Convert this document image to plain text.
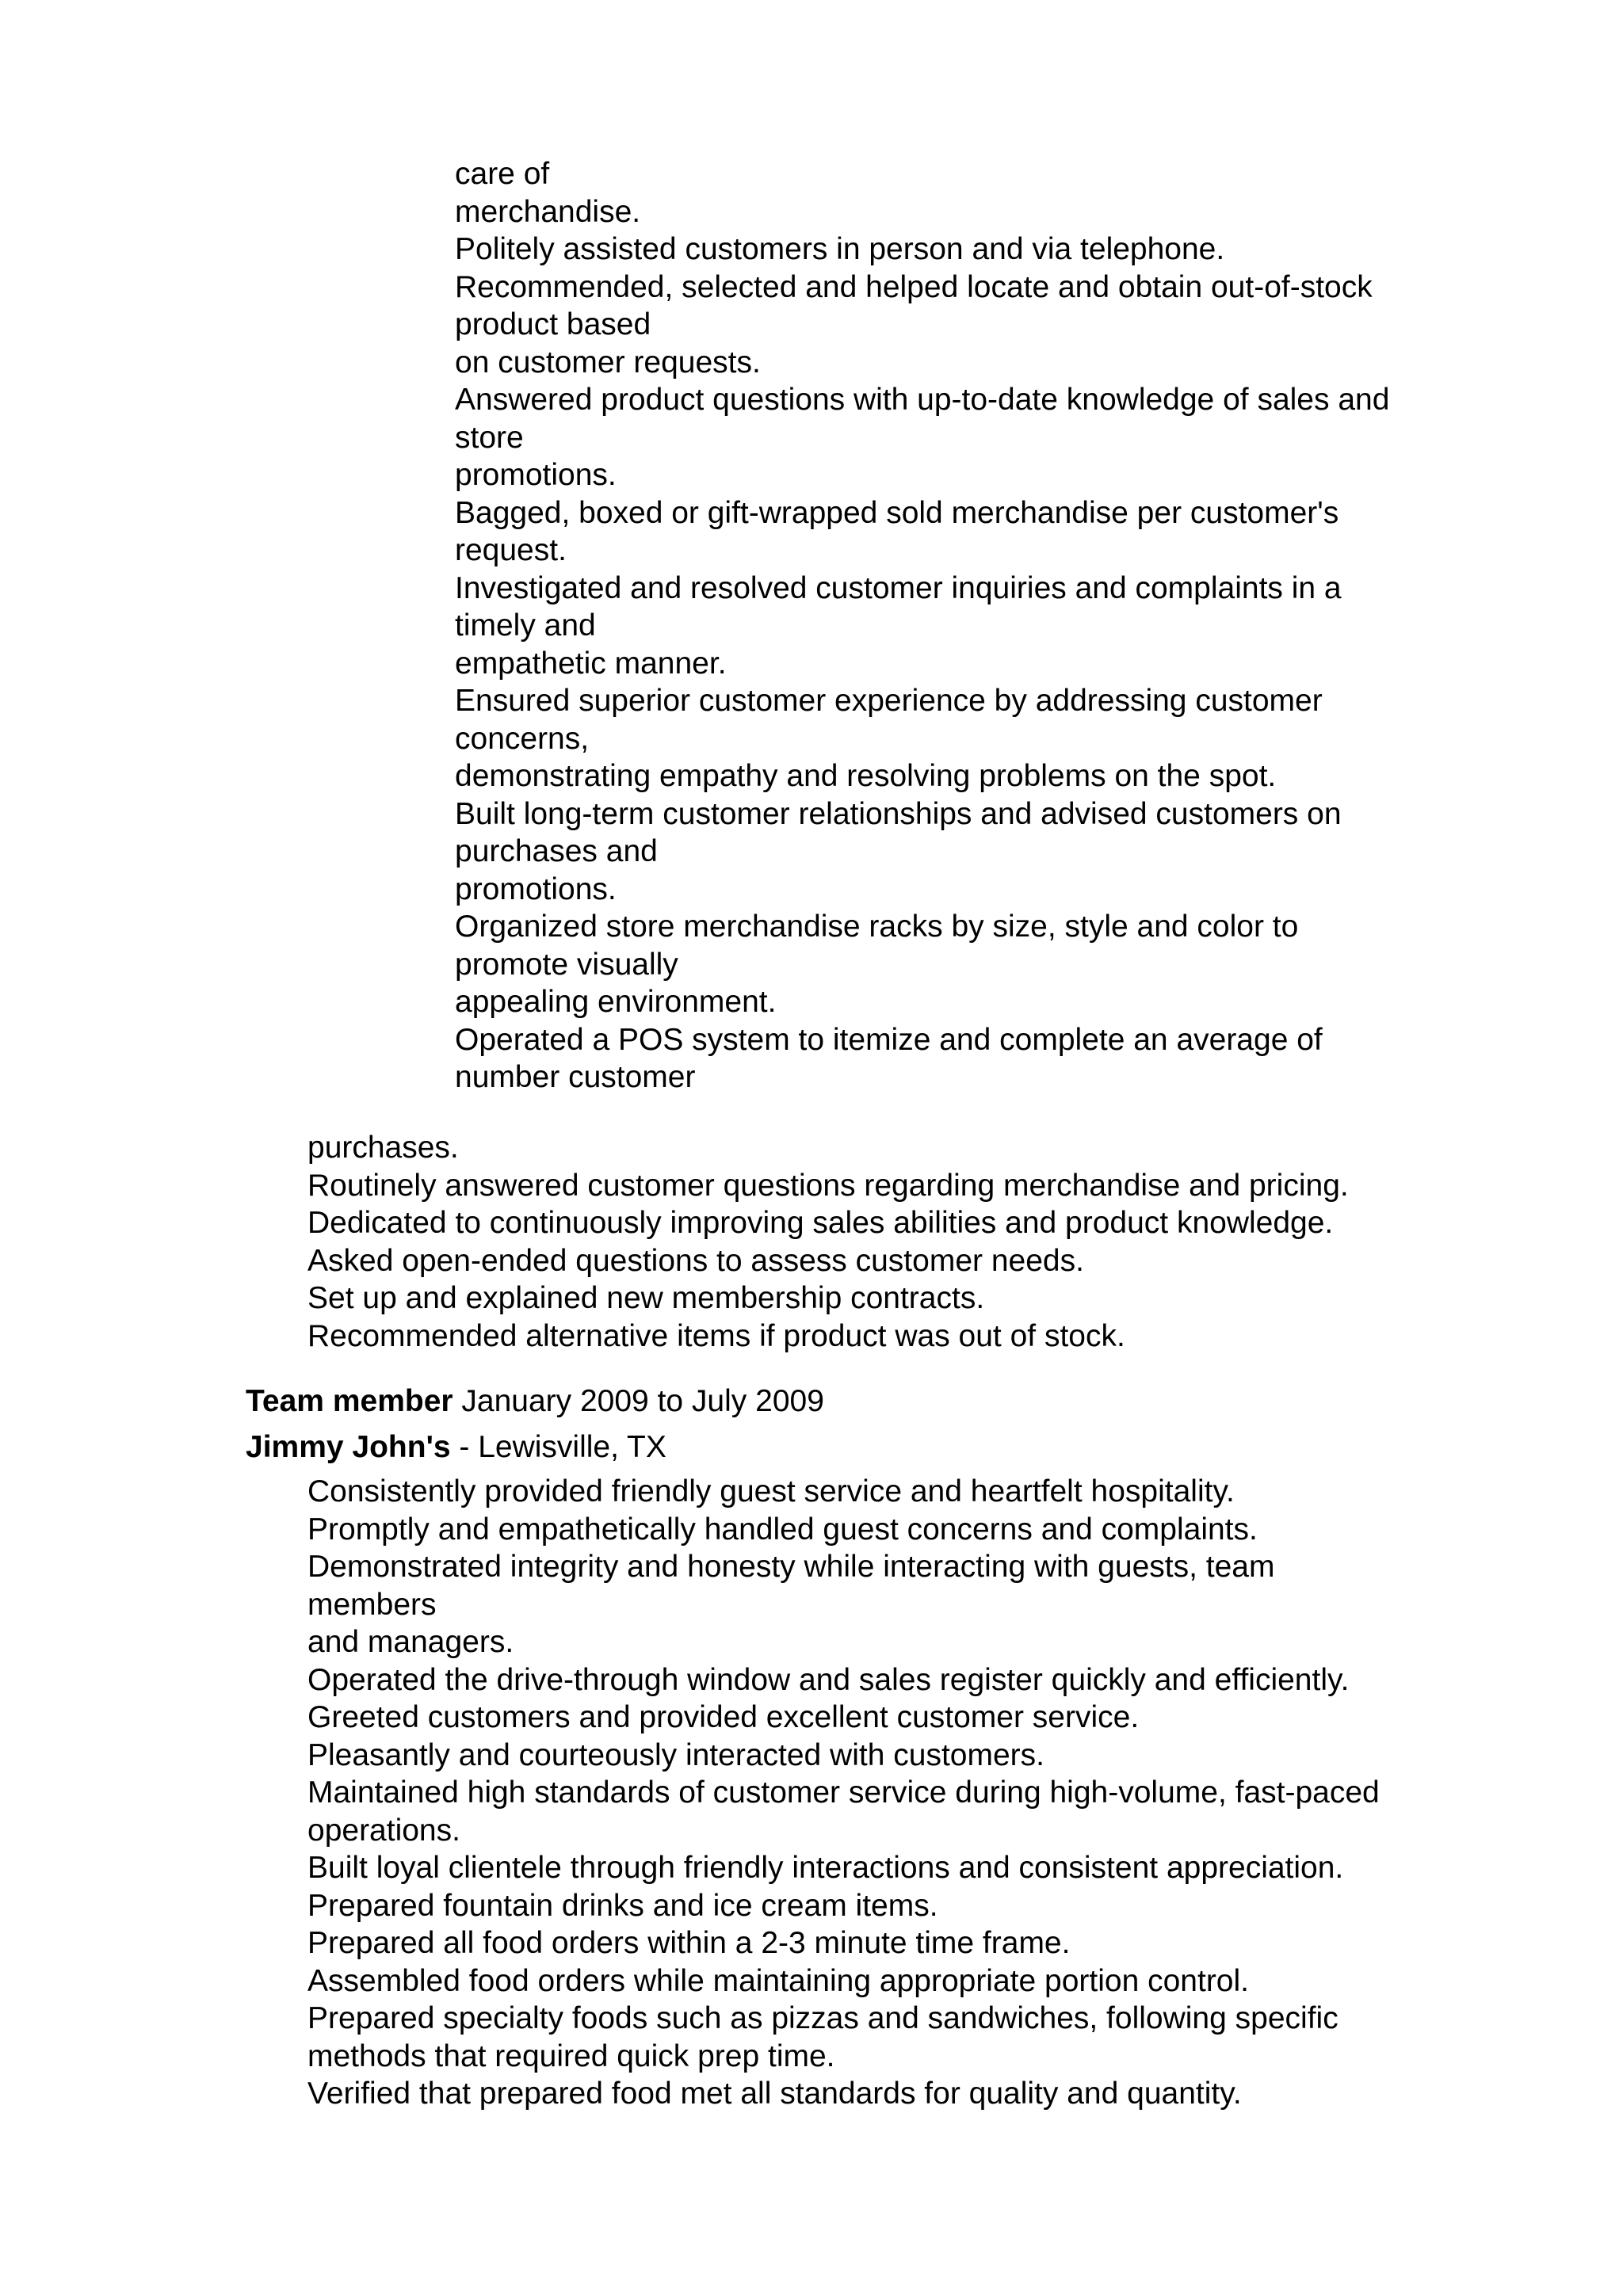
care of
merchandise.
Politely assisted customers in person and via telephone.
Recommended, selected and helped locate and obtain out-of-stock
product based
on customer requests.
Answered product questions with up-to-date knowledge of sales and
store
promotions.
Bagged, boxed or gift-wrapped sold merchandise per customer's
request.
Investigated and resolved customer inquiries and complaints in a
timely and
empathetic manner.
Ensured superior customer experience by addressing customer
concerns,
demonstrating empathy and resolving problems on the spot.
Built long-term customer relationships and advised customers on
purchases and
promotions.
Organized store merchandise racks by size, style and color to
promote visually
appealing environment.
Operated a POS system to itemize and complete an average of
number customer
purchases.
Routinely answered customer questions regarding merchandise and pricing.
Dedicated to continuously improving sales abilities and product knowledge.
Asked open-ended questions to assess customer needs.
Set up and explained new membership contracts.
Recommended alternative items if product was out of stock.
Team member January 2009 to July 2009
Jimmy John's - Lewisville, TX
Consistently provided friendly guest service and heartfelt hospitality.
Promptly and empathetically handled guest concerns and complaints.
Demonstrated integrity and honesty while interacting with guests, team
members
and managers.
Operated the drive-through window and sales register quickly and efficiently.
Greeted customers and provided excellent customer service.
Pleasantly and courteously interacted with customers.
Maintained high standards of customer service during high-volume, fast-paced
operations.
Built loyal clientele through friendly interactions and consistent appreciation.
Prepared fountain drinks and ice cream items.
Prepared all food orders within a 2-3 minute time frame.
Assembled food orders while maintaining appropriate portion control.
Prepared specialty foods such as pizzas and sandwiches, following specific
methods that required quick prep time.
Verified that prepared food met all standards for quality and quantity.
